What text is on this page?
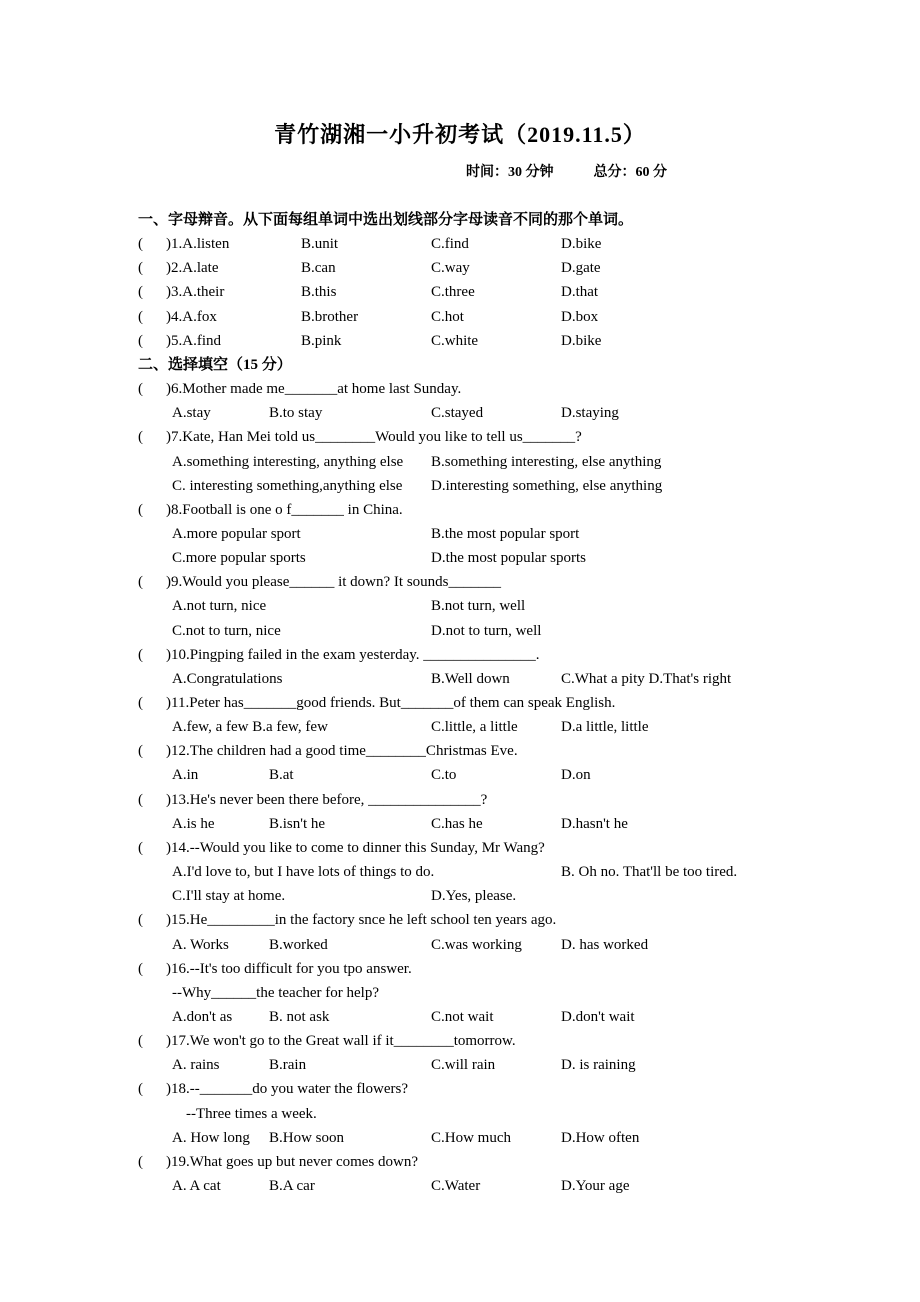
青竹湖湘一小升初考试（2019.11.5）
时间：30 分钟	总分：60 分
一、字母辩音。从下面每组单词中选出划线部分字母读音不同的那个单词。
( )1.A.listen	B.unit	C.find	D.bike
( )2.A.late	B.can	C.way	D.gate
( )3.A.their	B.this	C.three	D.that
( )4.A.fox	B.brother	C.hot	D.box
( )5.A.find	B.pink	C.white	D.bike
二、选择填空（15 分）
( )6.Mother made me_______at home last Sunday.
A.stay	B.to stay	C.stayed	D.staying
( )7.Kate, Han Mei told us________Would you like to tell us_______?
A.something interesting, anything else B.something interesting, else anything
C. interesting something,anything else D.interesting something, else anything
( )8.Football is one o f_______ in China.
A.more popular sport	B.the most popular sport
C.more popular sports	D.the most popular sports
( )9.Would you please______ it down? It sounds_______
A.not turn, nice	B.not turn, well
C.not to turn, nice	D.not to turn, well
( )10.Pingping failed in the exam yesterday. _______________.
A.Congratulations	B.Well down	C.What a pity D.That's right
( )11.Peter has_______good friends. But_______of them can speak English.
A.few, a few B.a few, few	C.little, a little	D.a little, little
( )12.The children had a good time________Christmas Eve.
A.in	B.at	C.to	D.on
( )13.He's never been there before, _______________?
A.is he	B.isn't he	C.has he	D.hasn't he
( )14.--Would you like to come to dinner this Sunday, Mr Wang?
A.I'd love to, but I have lots of things to do.	B. Oh no. That'll be too tired.
C.I'll stay at home.	D.Yes, please.
( )15.He_________in the factory snce he left school ten years ago.
A. Works	B.worked	C.was working	D. has worked
( )16.--It's too difficult for you tpo answer.
--Why______the teacher for help?
A.don't as B. not ask	C.not wait	D.don't wait
( )17.We won't go to the Great wall if it________tomorrow.
A. rains	B.rain	C.will rain	D. is raining
( )18.--_______do you water the flowers?
--Three times a week.
A. How long B.How soon	C.How much	D.How often
( )19.What goes up but never comes down?
A. A cat	B.A car	C.Water	D.Your age
